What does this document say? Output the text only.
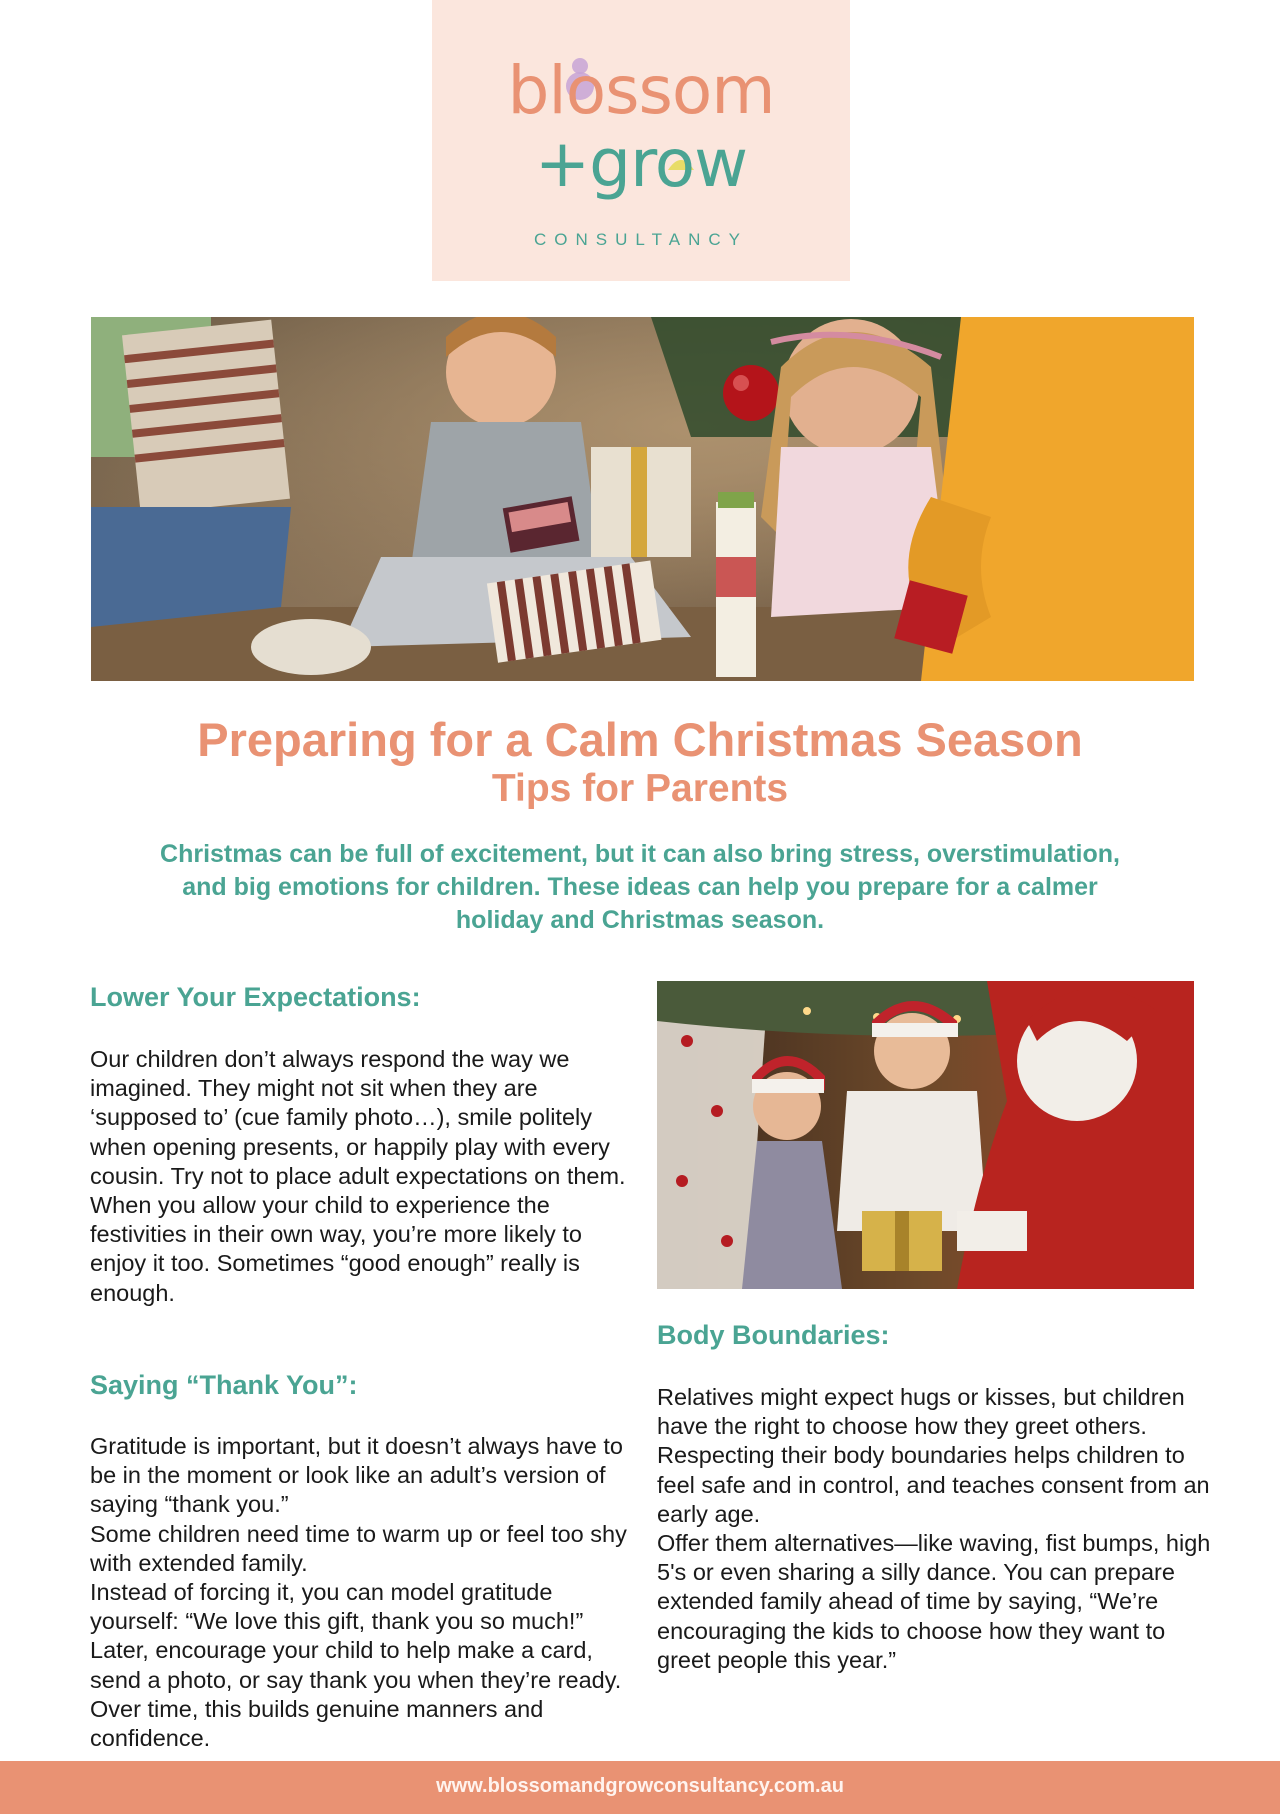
blossom
+grow
CONSULTANCY
Preparing for a Calm Christmas Season
Tips for Parents

Christmas can be full of excitement, but it can also bring stress, overstimulation, and big emotions for children. These ideas can help you prepare for a calmer holiday and Christmas season.

Lower Your Expectations:

Our children don’t always respond the way we imagined. They might not sit when they are ‘supposed to’ (cue family photo…), smile politely when opening presents, or happily play with every cousin. Try not to place adult expectations on them.

When you allow your child to experience the festivities in their own way, you’re more likely to enjoy it too. Sometimes “good enough” really is enough.

Saying “Thank You”:

Gratitude is important, but it doesn’t always have to be in the moment or look like an adult’s version of saying “thank you.”

Some children need time to warm up or feel too shy with extended family.

Instead of forcing it, you can model gratitude yourself: “We love this gift, thank you so much!” Later, encourage your child to help make a card, send a photo, or say thank you when they’re ready. Over time, this builds genuine manners and confidence.

Body Boundaries:

Relatives might expect hugs or kisses, but children have the right to choose how they greet others.

Respecting their body boundaries helps children to feel safe and in control, and teaches consent from an early age.

Offer them alternatives—like waving, fist bumps, high 5's or even sharing a silly dance. You can prepare extended family ahead of time by saying, “We’re encouraging the kids to choose how they want to greet people this year.”

www.blossomandgrowconsultancy.com.au
